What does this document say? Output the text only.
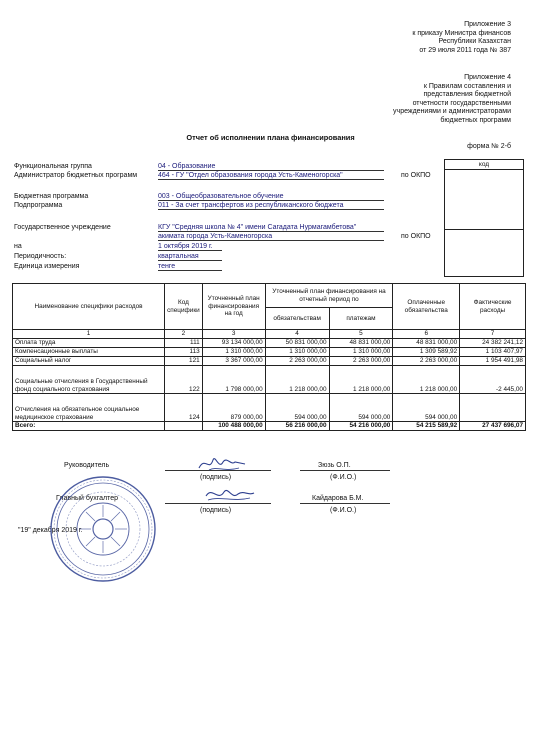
Приложение 3
к приказу Министра финансов
Республики Казахстан
от 29 июля 2011 года № 387
Приложение 4
к Правилам составления и
представления бюджетной
отчетности государственными
учреждениями и администраторами
бюджетных программ
Отчет об исполнении плана финансирования
форма № 2-б
код
Функциональная группа	04 - Образование
Администратор бюджетных программ	464 - ГУ "Отдел образования города Усть-Каменогорска"	по ОКПО
Бюджетная программа	003 - Общеобразовательное обучение
Подпрограмма	011 - За счет трансфертов из республиканского бюджета
Государственное учреждение	КГУ "Средняя школа № 4" имени Сагадата Нурмагамбетова"
акимата города Усть-Каменогорска	по ОКПО
на	1 октября 2019 г.
Периодичность:	квартальная
Единица измерения	тенге
Наименование специфики расходов	Код специфики	Уточненный план финансирования на год	Уточненный план финансирования на отчетный период по		Оплаченные обязательства	Фактические расходы
			обязательствам	платежам		
1	2	3	4	5	6	7
Оплата труда	111	93 134 000,00	50 831 000,00	48 831 000,00	48 831 000,00	24 382 241,12
Компенсационные выплаты	113	1 310 000,00	1 310 000,00	1 310 000,00	1 309 589,92	1 103 407,97
Социальный налог	121	3 367 000,00	2 263 000,00	2 263 000,00	2 263 000,00	1 954 491,98
Социальные отчисления в Государственный фонд социального страхования	122	1 798 000,00	1 218 000,00	1 218 000,00	1 218 000,00	-2 445,00
Отчисления на обязательное социальное медицинское страхование	124	879 000,00	594 000,00	594 000,00	594 000,00	
Всего:		100 488 000,00	56 216 000,00	54 216 000,00	54 215 589,92	27 437 696,07
Руководитель
(подпись)
Зюзь О.П.
(Ф.И.О.)
Главный бухгалтер
(подпись)
Кайдарова Б.М.
(Ф.И.О.)
"19" декабря 2019 г.
